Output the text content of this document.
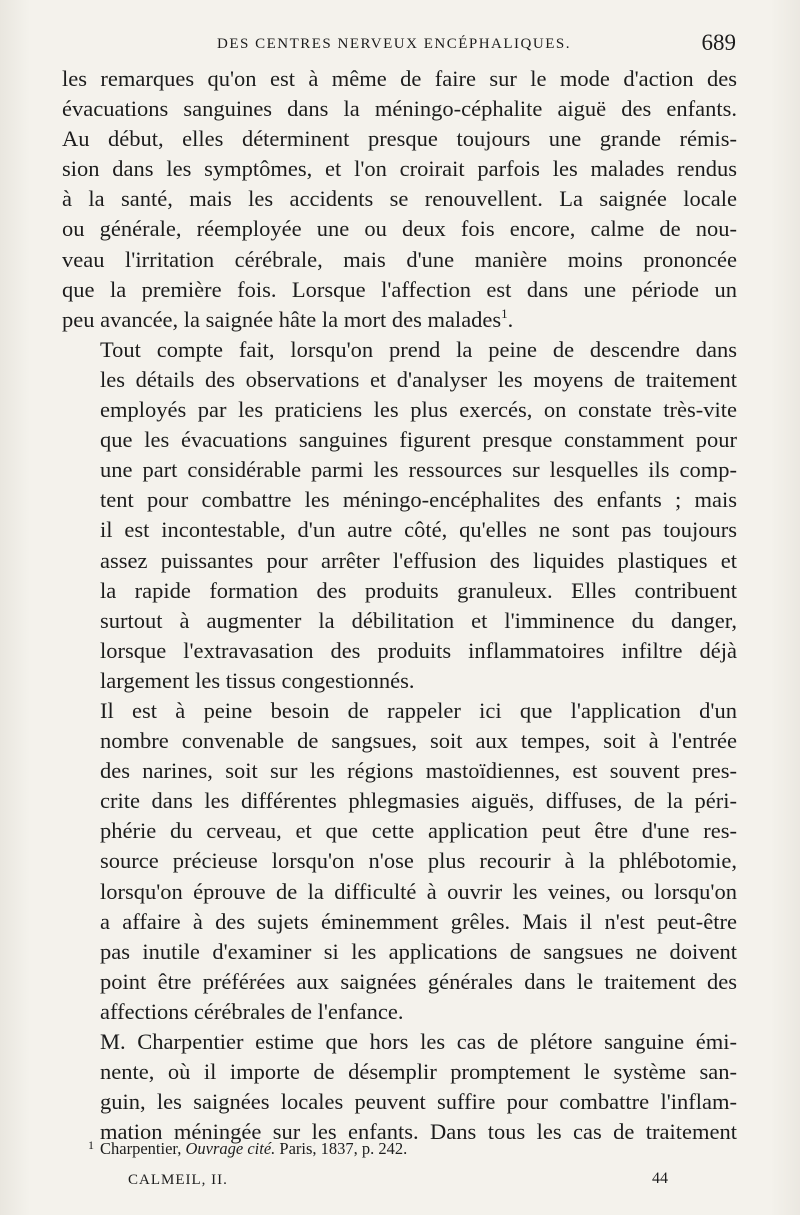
DES CENTRES NERVEUX ENCÉPHALIQUES.	689

les remarques qu'on est à même de faire sur le mode d'action des
évacuations sanguines dans la méningo-céphalite aiguë des enfants.
Au début, elles déterminent presque toujours une grande rémis-
sion dans les symptômes, et l'on croirait parfois les malades rendus
à la santé, mais les accidents se renouvellent. La saignée locale
ou générale, réemployée une ou deux fois encore, calme de nou-
veau l'irritation cérébrale, mais d'une manière moins prononcée
que la première fois. Lorsque l'affection est dans une période un
peu avancée, la saignée hâte la mort des malades$^1$.

Tout compte fait, lorsqu'on prend la peine de descendre dans
les détails des observations et d'analyser les moyens de traitement
employés par les praticiens les plus exercés, on constate très-vite
que les évacuations sanguines figurent presque constamment pour
une part considérable parmi les ressources sur lesquelles ils comp-
tent pour combattre les méningo-encéphalites des enfants ; mais
il est incontestable, d'un autre côté, qu'elles ne sont pas toujours
assez puissantes pour arrêter l'effusion des liquides plastiques et
la rapide formation des produits granuleux. Elles contribuent
surtout à augmenter la débilitation et l'imminence du danger,
lorsque l'extravasation des produits inflammatoires infiltre déjà
largement les tissus congestionnés.

Il est à peine besoin de rappeler ici que l'application d'un
nombre convenable de sangsues, soit aux tempes, soit à l'entrée
des narines, soit sur les régions mastoïdiennes, est souvent pres-
crite dans les différentes phlegmasies aiguës, diffuses, de la péri-
phérie du cerveau, et que cette application peut être d'une res-
source précieuse lorsqu'on n'ose plus recourir à la phlébotomie,
lorsqu'on éprouve de la difficulté à ouvrir les veines, ou lorsqu'on
a affaire à des sujets éminemment grêles. Mais il n'est peut-être
pas inutile d'examiner si les applications de sangsues ne doivent
point être préférées aux saignées générales dans le traitement des
affections cérébrales de l'enfance.

M. Charpentier estime que hors les cas de plétore sanguine émi-
nente, où il importe de désemplir promptement le système san-
guin, les saignées locales peuvent suffire pour combattre l'inflam-
mation méningée sur les enfants. Dans tous les cas de traitement

$^1$ Charpentier, Ouvrage cité. Paris, 1837, p. 242.
CALMEIL, II.	44
